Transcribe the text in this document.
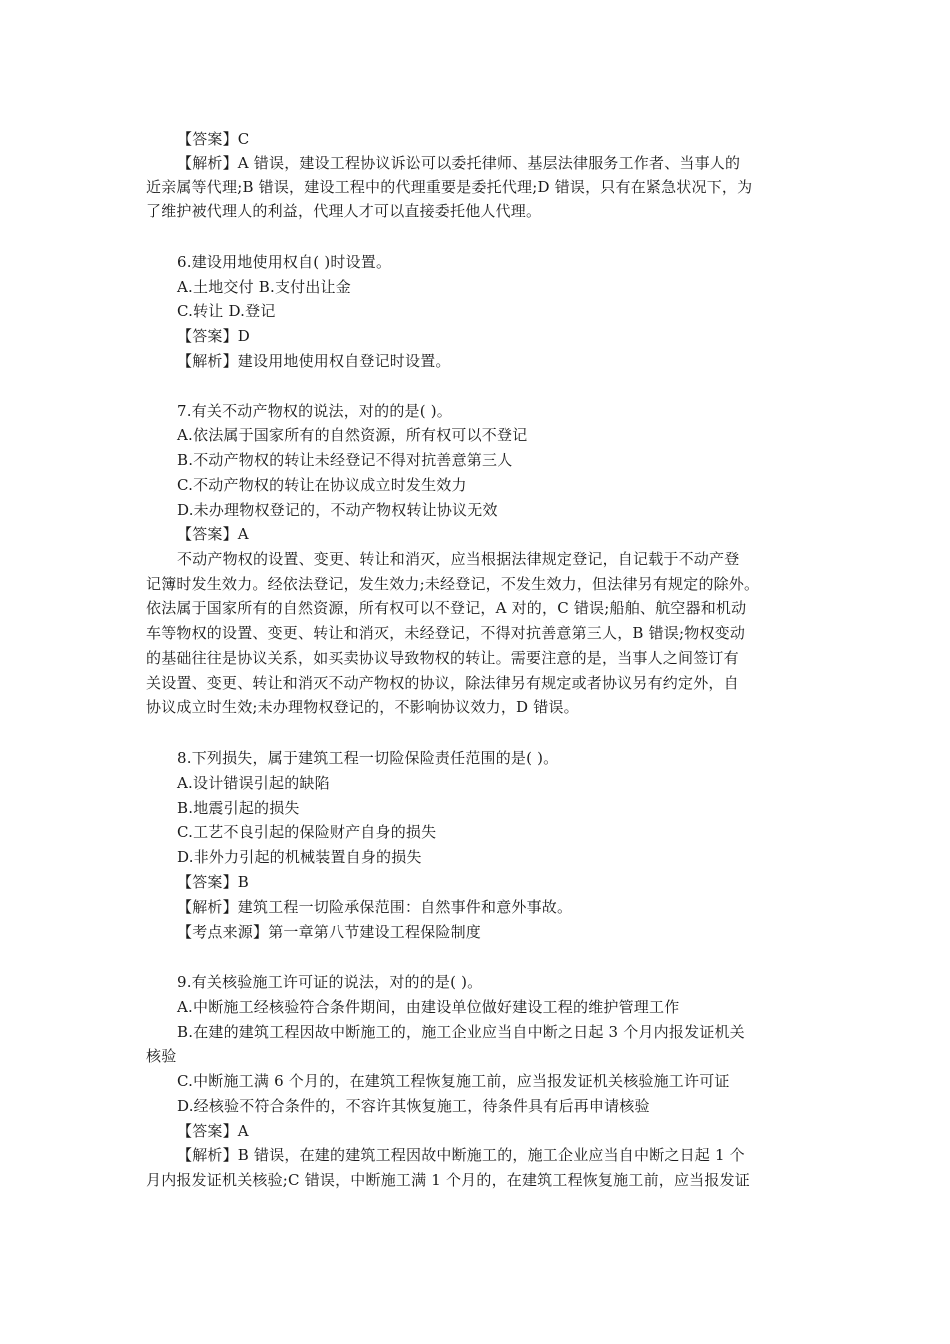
【答案】C
【解析】A 错误，建设工程协议诉讼可以委托律师、基层法律服务工作者、当事人的
近亲属等代理;B 错误，建设工程中的代理重要是委托代理;D 错误，只有在紧急状况下，为
了维护被代理人的利益，代理人才可以直接委托他人代理。
6.建设用地使用权自( )时设置。
A.土地交付 B.支付出让金
C.转让 D.登记
【答案】D
【解析】建设用地使用权自登记时设置。
7.有关不动产物权的说法，对的的是( )。
A.依法属于国家所有的自然资源，所有权可以不登记
B.不动产物权的转让未经登记不得对抗善意第三人
C.不动产物权的转让在协议成立时发生效力
D.未办理物权登记的，不动产物权转让协议无效
【答案】A
不动产物权的设置、变更、转让和消灭，应当根据法律规定登记，自记载于不动产登
记簿时发生效力。经依法登记，发生效力;未经登记，不发生效力，但法律另有规定的除外。
依法属于国家所有的自然资源，所有权可以不登记，A 对的，C 错误;船舶、航空器和机动
车等物权的设置、变更、转让和消灭，未经登记，不得对抗善意第三人，B 错误;物权变动
的基础往往是协议关系，如买卖协议导致物权的转让。需要注意的是，当事人之间签订有
关设置、变更、转让和消灭不动产物权的协议，除法律另有规定或者协议另有约定外，自
协议成立时生效;未办理物权登记的，不影响协议效力，D 错误。
8.下列损失，属于建筑工程一切险保险责任范围的是( )。
A.设计错误引起的缺陷
B.地震引起的损失
C.工艺不良引起的保险财产自身的损失
D.非外力引起的机械装置自身的损失
【答案】B
【解析】建筑工程一切险承保范围：自然事件和意外事故。
【考点来源】第一章第八节建设工程保险制度
9.有关核验施工许可证的说法，对的的是( )。
A.中断施工经核验符合条件期间，由建设单位做好建设工程的维护管理工作
B.在建的建筑工程因故中断施工的，施工企业应当自中断之日起 3 个月内报发证机关
核验
C.中断施工满 6 个月的，在建筑工程恢复施工前，应当报发证机关核验施工许可证
D.经核验不符合条件的，不容许其恢复施工，待条件具有后再申请核验
【答案】A
【解析】B 错误，在建的建筑工程因故中断施工的，施工企业应当自中断之日起 1 个
月内报发证机关核验;C 错误，中断施工满 1 个月的，在建筑工程恢复施工前，应当报发证
